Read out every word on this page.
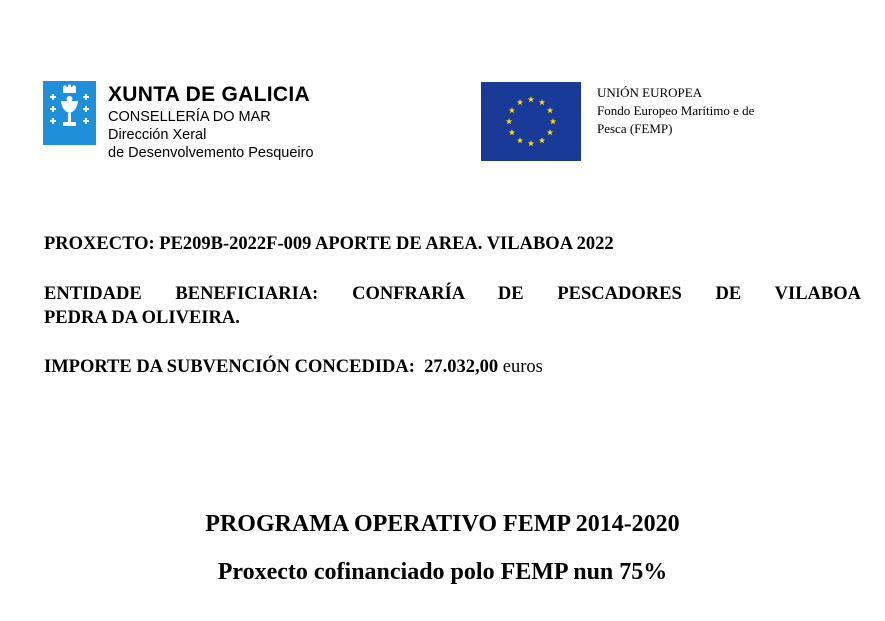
XUNTA DE GALICIA
CONSELLERÍA DO MAR
Dirección Xeral
de Desenvolvemento Pesqueiro
UNIÓN EUROPEA
Fondo Europeo Marítimo e de
Pesca (FEMP)
PROXECTO: PE209B-2022F-009 APORTE DE AREA. VILABOA 2022
ENTIDADE BENEFICIARIA: CONFRARÍA DE PESCADORES DE VILABOA
PEDRA DA OLIVEIRA.
IMPORTE DA SUBVENCIÓN CONCEDIDA: 27.032,00 euros
PROGRAMA OPERATIVO FEMP 2014-2020
Proxecto cofinanciado polo FEMP nun 75%
